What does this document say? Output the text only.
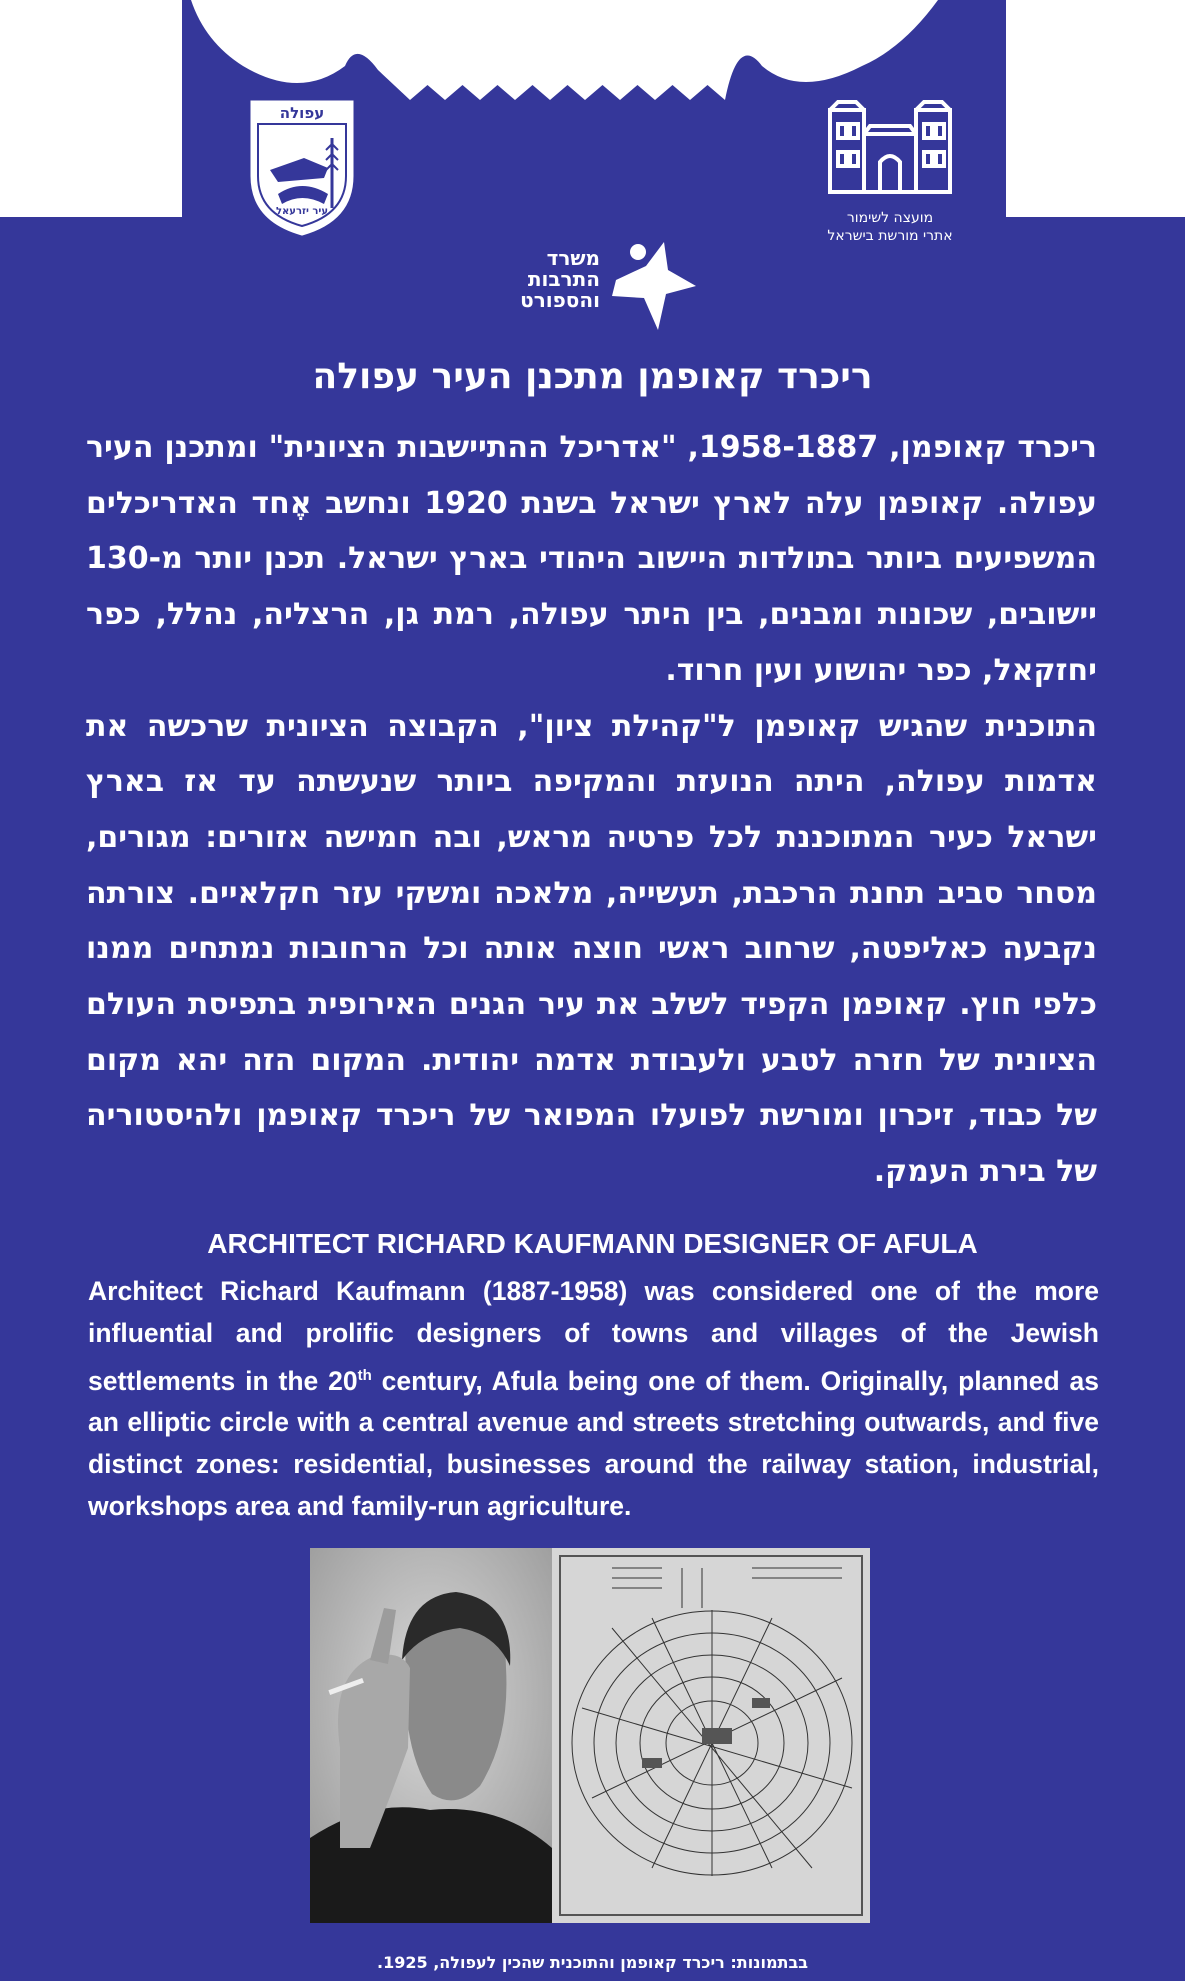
עפולה
עיר יזרעאל	מועצה לשימור
אתרי מורשת בישראל
משרד
התרבות
והספורט
ריכרד קאופמן מתכנן העיר עפולה

ריכרד קאופמן, 1958-1887, "אדריכל ההתיישבות הציונית" ומתכנן העיר עפולה. קאופמן עלה לארץ ישראל בשנת 1920 ונחשב אֶחד האדריכלים המשפיעים ביותר בתולדות היישוב היהודי בארץ ישראל. תכנן יותר מ-130 יישובים, שכונות ומבנים, בין היתר עפולה, רמת גן, הרצליה, נהלל, כפר יחזקאל, כפר יהושוע ועין חרוד.

התוכנית שהגיש קאופמן ל"קהילת ציון", הקבוצה הציונית שרכשה את אדמות עפולה, היתה הנועזת והמקיפה ביותר שנעשתה עד אז בארץ ישראל כעיר המתוכננת לכל פרטיה מראש, ובה חמישה אזורים: מגורים, מסחר סביב תחנת הרכבת, תעשייה, מלאכה ומשקי עזר חקלאיים. צורתה נקבעה כאליפטה, שרחוב ראשי חוצה אותה וכל הרחובות נמתחים ממנו כלפי חוץ. קאופמן הקפיד לשלב את עיר הגנים האירופית בתפיסת העולם הציונית של חזרה לטבע ולעבודת אדמה יהודית. המקום הזה יהא מקום של כבוד, זיכרון ומורשת לפועלו המפואר של ריכרד קאופמן ולהיסטוריה של בירת העמק.

ARCHITECT RICHARD KAUFMANN DESIGNER OF AFULA
Architect Richard Kaufmann (1887-1958) was considered one of the more influential and prolific designers of towns and villages of the Jewish settlements in the 20th century, Afula being one of them. Originally, planned as an elliptic circle with a central avenue and streets stretching outwards, and five distinct zones: residential, businesses around the railway station, industrial, workshops area and family-run agriculture.
בבתמונות: ריכרד קאופמן והתוכנית שהכין לעפולה, 1925.
